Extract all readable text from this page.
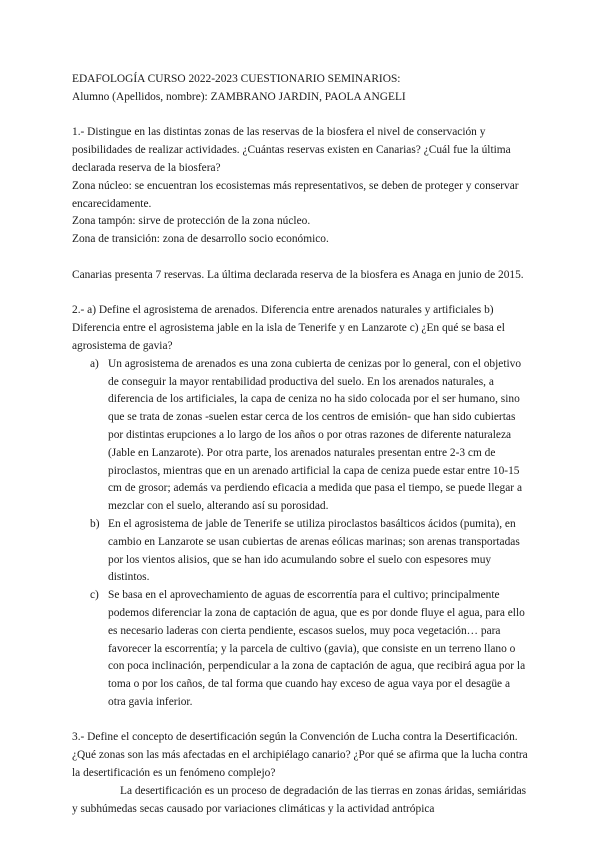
EDAFOLOGÍA CURSO 2022-2023 CUESTIONARIO SEMINARIOS:

Alumno (Apellidos, nombre): ZAMBRANO JARDIN, PAOLA ANGELI

1.- Distingue en las distintas zonas de las reservas de la biosfera el nivel de conservación y posibilidades de realizar actividades. ¿Cuántas reservas existen en Canarias? ¿Cuál fue la última declarada reserva de la biosfera?

Zona núcleo: se encuentran los ecosistemas más representativos, se deben de proteger y conservar encarecidamente.

Zona tampón: sirve de protección de la zona núcleo.

Zona de transición: zona de desarrollo socio económico.

Canarias presenta 7 reservas. La última declarada reserva de la biosfera es Anaga en junio de 2015.

2.- a) Define el agrosistema de arenados. Diferencia entre arenados naturales y artificiales b) Diferencia entre el agrosistema jable en la isla de Tenerife y en Lanzarote c) ¿En qué se basa el agrosistema de gavia?

a) Un agrosistema de arenados es una zona cubierta de cenizas por lo general, con el objetivo de conseguir la mayor rentabilidad productiva del suelo. En los arenados naturales, a diferencia de los artificiales, la capa de ceniza no ha sido colocada por el ser humano, sino que se trata de zonas -suelen estar cerca de los centros de emisión- que han sido cubiertas por distintas erupciones a lo largo de los años o por otras razones de diferente naturaleza (Jable en Lanzarote). Por otra parte, los arenados naturales presentan entre 2-3 cm de piroclastos, mientras que en un arenado artificial la capa de ceniza puede estar entre 10-15 cm de grosor; además va perdiendo eficacia a medida que pasa el tiempo, se puede llegar a mezclar con el suelo, alterando así su porosidad.
b) En el agrosistema de jable de Tenerife se utiliza piroclastos basálticos ácidos (pumita), en cambio en Lanzarote se usan cubiertas de arenas eólicas marinas; son arenas transportadas por los vientos alisios, que se han ido acumulando sobre el suelo con espesores muy distintos.
c) Se basa en el aprovechamiento de aguas de escorrentía para el cultivo; principalmente podemos diferenciar la zona de captación de agua, que es por donde fluye el agua, para ello es necesario laderas con cierta pendiente, escasos suelos, muy poca vegetación… para favorecer la escorrentía; y la parcela de cultivo (gavia), que consiste en un terreno llano o con poca inclinación, perpendicular a la zona de captación de agua, que recibirá agua por la toma o por los caños, de tal forma que cuando hay exceso de agua vaya por el desagüe a otra gavia inferior.

3.- Define el concepto de desertificación según la Convención de Lucha contra la Desertificación. ¿Qué zonas son las más afectadas en el archipiélago canario? ¿Por qué se afirma que la lucha contra la desertificación es un fenómeno complejo?

La desertificación es un proceso de degradación de las tierras en zonas áridas, semiáridas y subhúmedas secas causado por variaciones climáticas y la actividad antrópica
